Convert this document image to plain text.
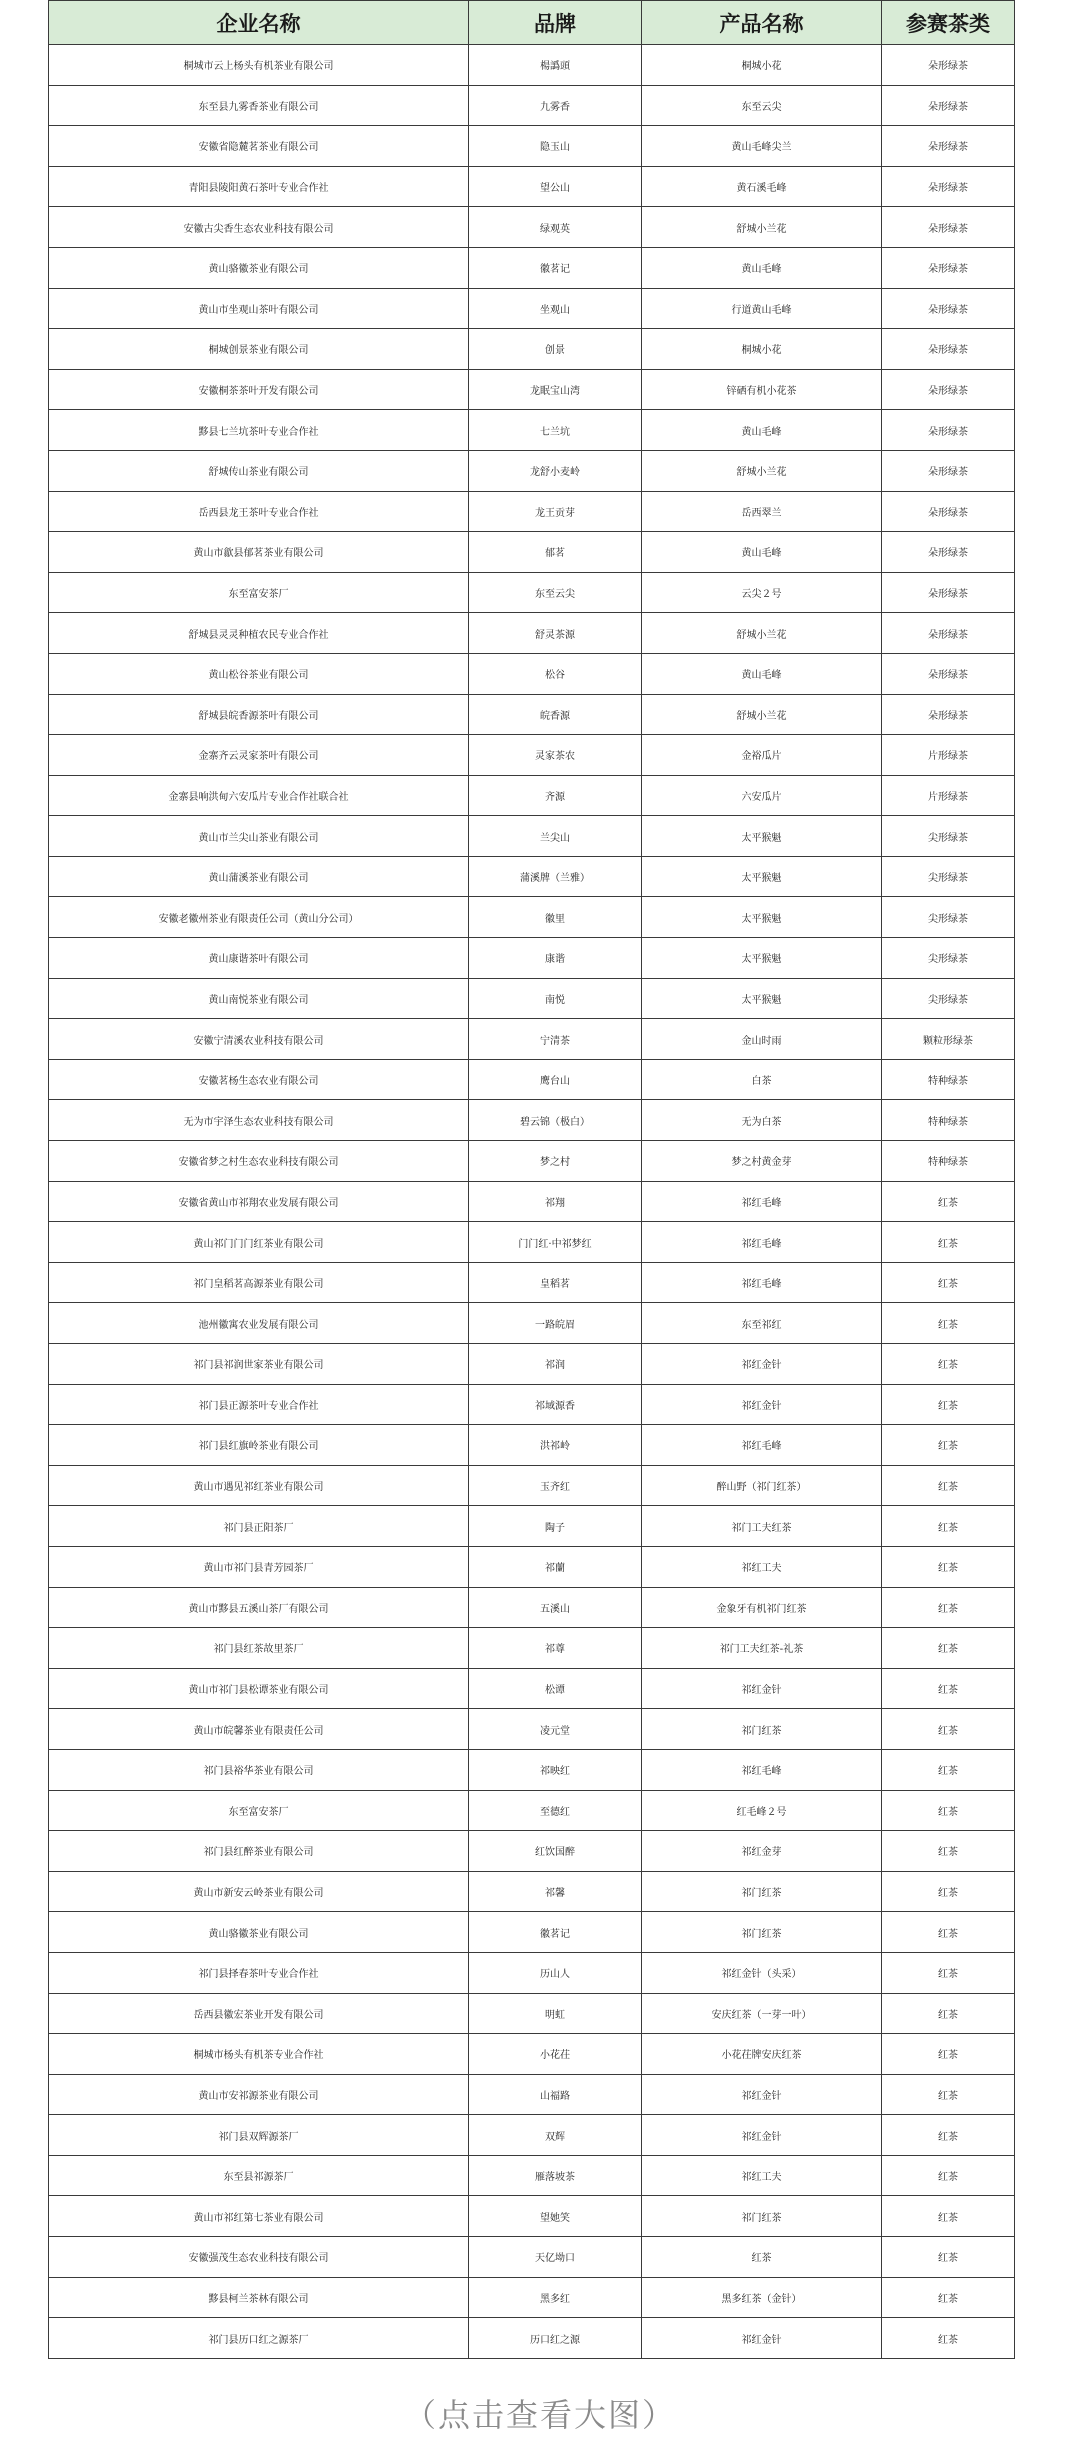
企业名称	品牌	产品名称	参赛茶类
桐城市云上杨头有机茶业有限公司	楊譌頭	桐城小花	朵形绿茶
东至县九雾香茶业有限公司	九雾香	东至云尖	朵形绿茶
安徽省隐麓茗茶业有限公司	隐玉山	黄山毛峰尖兰	朵形绿茶
青阳县陵阳黄石茶叶专业合作社	望公山	黄石溪毛峰	朵形绿茶
安徽古尖香生态农业科技有限公司	绿观英	舒城小兰花	朵形绿茶
黄山骆徽茶业有限公司	徽茗记	黄山毛峰	朵形绿茶
黄山市坐观山茶叶有限公司	坐观山	行道黄山毛峰	朵形绿茶
桐城创景茶业有限公司	创景	桐城小花	朵形绿茶
安徽桐茶茶叶开发有限公司	龙眠宝山湾	锌硒有机小花茶	朵形绿茶
黟县七兰坑茶叶专业合作社	七兰坑	黄山毛峰	朵形绿茶
舒城传山茶业有限公司	龙舒小麦岭	舒城小兰花	朵形绿茶
岳西县龙王茶叶专业合作社	龙王贡芽	岳西翠兰	朵形绿茶
黄山市歙县郁茗茶业有限公司	郁茗	黄山毛峰	朵形绿茶
东至富安茶厂	东至云尖	云尖２号	朵形绿茶
舒城县灵灵种植农民专业合作社	舒灵茶源	舒城小兰花	朵形绿茶
黄山松谷茶业有限公司	松谷	黄山毛峰	朵形绿茶
舒城县皖香源茶叶有限公司	皖香源	舒城小兰花	朵形绿茶
金寨齐云灵家茶叶有限公司	灵家茶农	金裕瓜片	片形绿茶
金寨县响洪甸六安瓜片专业合作社联合社	齐源	六安瓜片	片形绿茶
黄山市兰尖山茶业有限公司	兰尖山	太平猴魁	尖形绿茶
黄山蒲溪茶业有限公司	蒲溪牌（兰雅）	太平猴魁	尖形绿茶
安徽老徽州茶业有限责任公司（黄山分公司）	徽里	太平猴魁	尖形绿茶
黄山康谐茶叶有限公司	康谐	太平猴魁	尖形绿茶
黄山南悦茶业有限公司	南悦	太平猴魁	尖形绿茶
安徽宁清溪农业科技有限公司	宁清茶	金山时雨	颗粒形绿茶
安徽茗杨生态农业有限公司	鹰台山	白茶	特种绿茶
无为市宇泽生态农业科技有限公司	碧云锦（极白）	无为白茶	特种绿茶
安徽省梦之村生态农业科技有限公司	梦之村	梦之村黄金芽	特种绿茶
安徽省黄山市祁翔农业发展有限公司	祁翔	祁红毛峰	红茶
黄山祁门门门红茶业有限公司	门门红·中祁梦红	祁红毛峰	红茶
祁门皇稻茗高源茶业有限公司	皇稻茗	祁红毛峰	红茶
池州徽寓农业发展有限公司	一路皖眉	东至祁红	红茶
祁门县祁润世家茶业有限公司	祁润	祁红金针	红茶
祁门县正源茶叶专业合作社	祁域源香	祁红金针	红茶
祁门县红旗岭茶业有限公司	洪祁岭	祁红毛峰	红茶
黄山市遇见祁红茶业有限公司	玉齐红	醉山野（祁门红茶）	红茶
祁门县正阳茶厂	陶子	祁门工夫红茶	红茶
黄山市祁门县青芳园茶厂	祁蘭	祁红工夫	红茶
黄山市黟县五溪山茶厂有限公司	五溪山	金象牙有机祁门红茶	红茶
祁门县红茶故里茶厂	祁尊	祁门工夫红茶-礼茶	红茶
黄山市祁门县松谭茶业有限公司	松谭	祁红金针	红茶
黄山市皖馨茶业有限责任公司	凌元堂	祁门红茶	红茶
祁门县裕华茶业有限公司	祁映红	祁红毛峰	红茶
东至富安茶厂	至德红	红毛峰２号	红茶
祁门县红醉茶业有限公司	红饮国醉	祁红金芽	红茶
黄山市新安云岭茶业有限公司	祁馨	祁门红茶	红茶
黄山骆徽茶业有限公司	徽茗记	祁门红茶	红茶
祁门县择春茶叶专业合作社	历山人	祁红金针（头采）	红茶
岳西县徽宏茶业开发有限公司	明虹	安庆红茶（一芽一叶）	红茶
桐城市杨头有机茶专业合作社	小花茌	小花茌牌安庆红茶	红茶
黄山市安祁源茶业有限公司	山福路	祁红金针	红茶
祁门县双辉源茶厂	双辉	祁红金针	红茶
东至县祁源茶厂	雁落坡茶	祁红工夫	红茶
黄山市祁红第七茶业有限公司	望她笑	祁门红茶	红茶
安徽强茂生态农业科技有限公司	天亿坳口	红茶	红茶
黟县柯兰茶林有限公司	黑多红	黑多红茶（金针）	红茶
祁门县历口红之源茶厂	历口红之源	祁红金针	红茶
（点击查看大图）
